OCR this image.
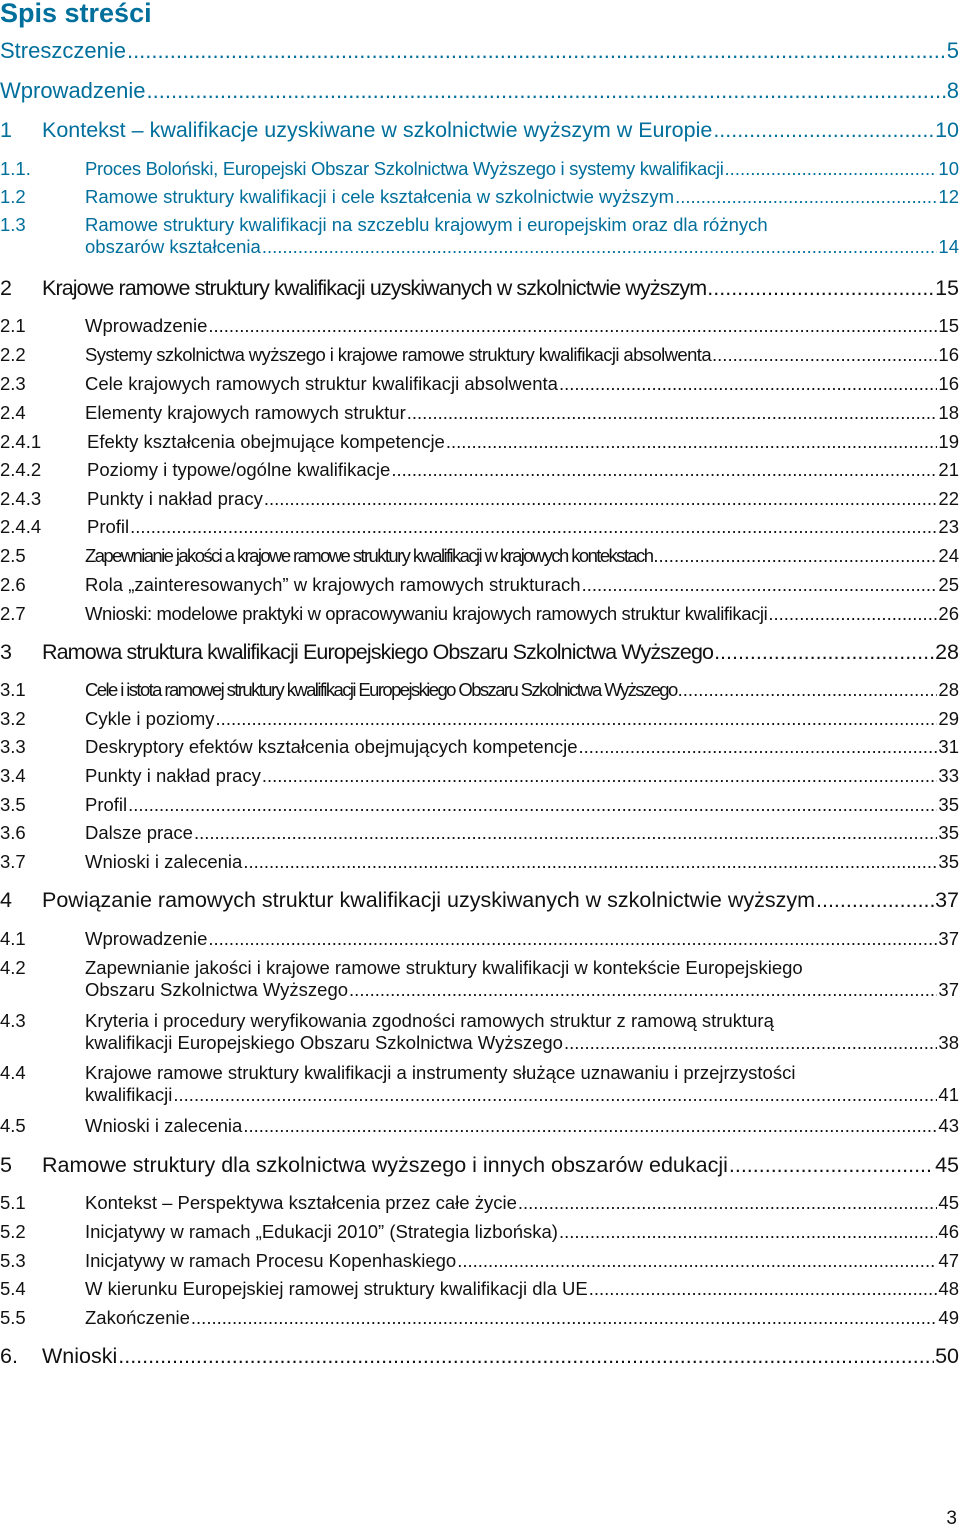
Spis streści
Streszczenie .....	5
Wprowadzenie .....	8
1	Kontekst – kwalifikacje uzyskiwane w szkolnictwie wyższym w Europie .....	10
1.1.	Proces Boloński, Europejski Obszar Szkolnictwa Wyższego i systemy kwalifikacji .....	10
1.2	Ramowe struktury kwalifikacji i cele kształcenia w szkolnictwie wyższym .....	12
1.3	Ramowe struktury kwalifikacji na szczeblu krajowym i europejskim oraz dla różnych
obszarów kształcenia .....	14
2	Krajowe ramowe struktury kwalifikacji uzyskiwanych w szkolnictwie wyższym .....	15
2.1	Wprowadzenie .....	15
2.2	Systemy szkolnictwa wyższego i krajowe ramowe struktury kwalifikacji absolwenta .....	16
2.3	Cele krajowych ramowych struktur kwalifikacji absolwenta .....	16
2.4	Elementy krajowych ramowych struktur .....	18
2.4.1	Efekty kształcenia obejmujące kompetencje .....	19
2.4.2	Poziomy i typowe/ogólne kwalifikacje .....	21
2.4.3	Punkty i nakład pracy .....	22
2.4.4	Profil .....	23
2.5	Zapewnianie jakości a krajowe ramowe struktury kwalifikacji w krajowych kontekstach .....	24
2.6	Rola „zainteresowanych” w krajowych ramowych strukturach .....	25
2.7	Wnioski: modelowe praktyki w opracowywaniu krajowych ramowych struktur kwalifikacji .....	26
3	Ramowa struktura kwalifikacji Europejskiego Obszaru Szkolnictwa Wyższego .....	28
3.1	Cele i istota ramowej struktury kwalifikacji Europejskiego Obszaru Szkolnictwa Wyższego .....	28
3.2	Cykle i poziomy .....	29
3.3	Deskryptory efektów kształcenia obejmujących kompetencje .....	31
3.4	Punkty i nakład pracy .....	33
3.5	Profil .....	35
3.6	Dalsze prace .....	35
3.7	Wnioski i zalecenia .....	35
4	Powiązanie ramowych struktur kwalifikacji uzyskiwanych w szkolnictwie wyższym .....	37
4.1	Wprowadzenie .....	37
4.2	Zapewnianie jakości i krajowe ramowe struktury kwalifikacji w kontekście Europejskiego
Obszaru Szkolnictwa Wyższego .....	37
4.3	Kryteria i procedury weryfikowania zgodności ramowych struktur z ramową strukturą
kwalifikacji Europejskiego Obszaru Szkolnictwa Wyższego .....	38
4.4	Krajowe ramowe struktury kwalifikacji a instrumenty służące uznawaniu i przejrzystości
kwalifikacji .....	41
4.5	Wnioski i zalecenia .....	43
5	Ramowe struktury dla szkolnictwa wyższego i innych obszarów edukacji .....	45
5.1	Kontekst – Perspektywa kształcenia przez całe życie .....	45
5.2	Inicjatywy w ramach „Edukacji 2010” (Strategia lizbońska) .....	46
5.3	Inicjatywy w ramach Procesu Kopenhaskiego .....	47
5.4	W kierunku Europejskiej ramowej struktury kwalifikacji dla UE .....	48
5.5	Zakończenie .....	49
6.	Wnioski .....	50
3
